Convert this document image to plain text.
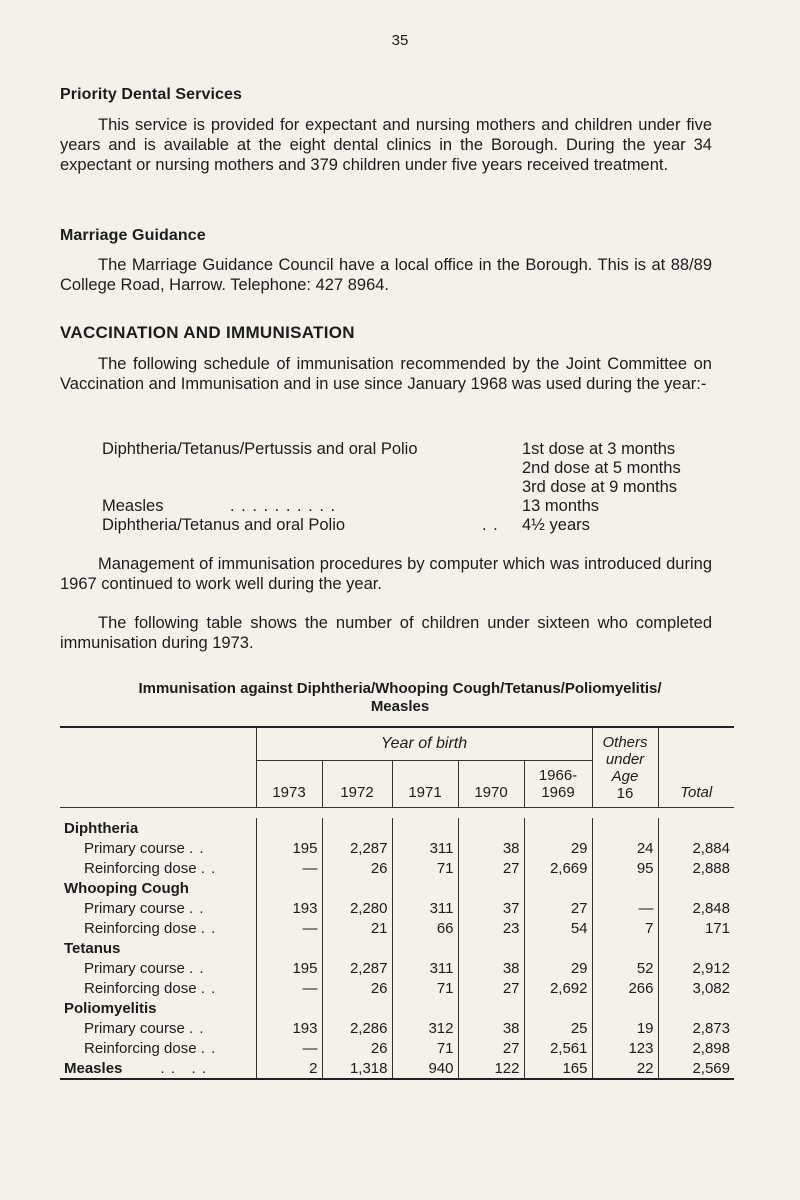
35
Priority Dental Services
This service is provided for expectant and nursing mothers and children under five years and is available at the eight dental clinics in the Borough. During the year 34 expectant or nursing mothers and 379 children under five years received treatment.
Marriage Guidance
The Marriage Guidance Council have a local office in the Borough. This is at 88/89 College Road, Harrow. Telephone: 427 8964.
VACCINATION AND IMMUNISATION
The following schedule of immunisation recommended by the Joint Committee on Vaccination and Immunisation and in use since January 1968 was used during the year:-
Diphtheria/Tetanus/Pertussis and oral Polio	1st dose at 3 months
2nd dose at 5 months
3rd dose at 9 months
Measles	. . . . . . . . . .	13 months
Diphtheria/Tetanus and oral Polio	. . 4½ years
Management of immunisation procedures by computer which was introduced during 1967 continued to work well during the year.
The following table shows the number of children under sixteen who completed immunisation during 1973.
Immunisation against Diphtheria/Whooping Cough/Tetanus/Poliomyelitis/
Measles
	Year of birth					Others
under
Age
16	Total
	1973	1972	1971	1970	1966-
1969		

Diphtheria							
Primary course . .	195	2,287	311	38	29	24	2,884
Reinforcing dose . .	—	26	71	27	2,669	95	2,888
Whooping Cough							
Primary course . .	193	2,280	311	37	27	—	2,848
Reinforcing dose . .	—	21	66	23	54	7	171
Tetanus							
Primary course . .	195	2,287	311	38	29	52	2,912
Reinforcing dose . .	—	26	71	27	2,692	266	3,082
Poliomyelitis							
Primary course . .	193	2,286	312	38	25	19	2,873
Reinforcing dose . .	—	26	71	27	2,561	123	2,898
Measles . .   . .	2	1,318	940	122	165	22	2,569
